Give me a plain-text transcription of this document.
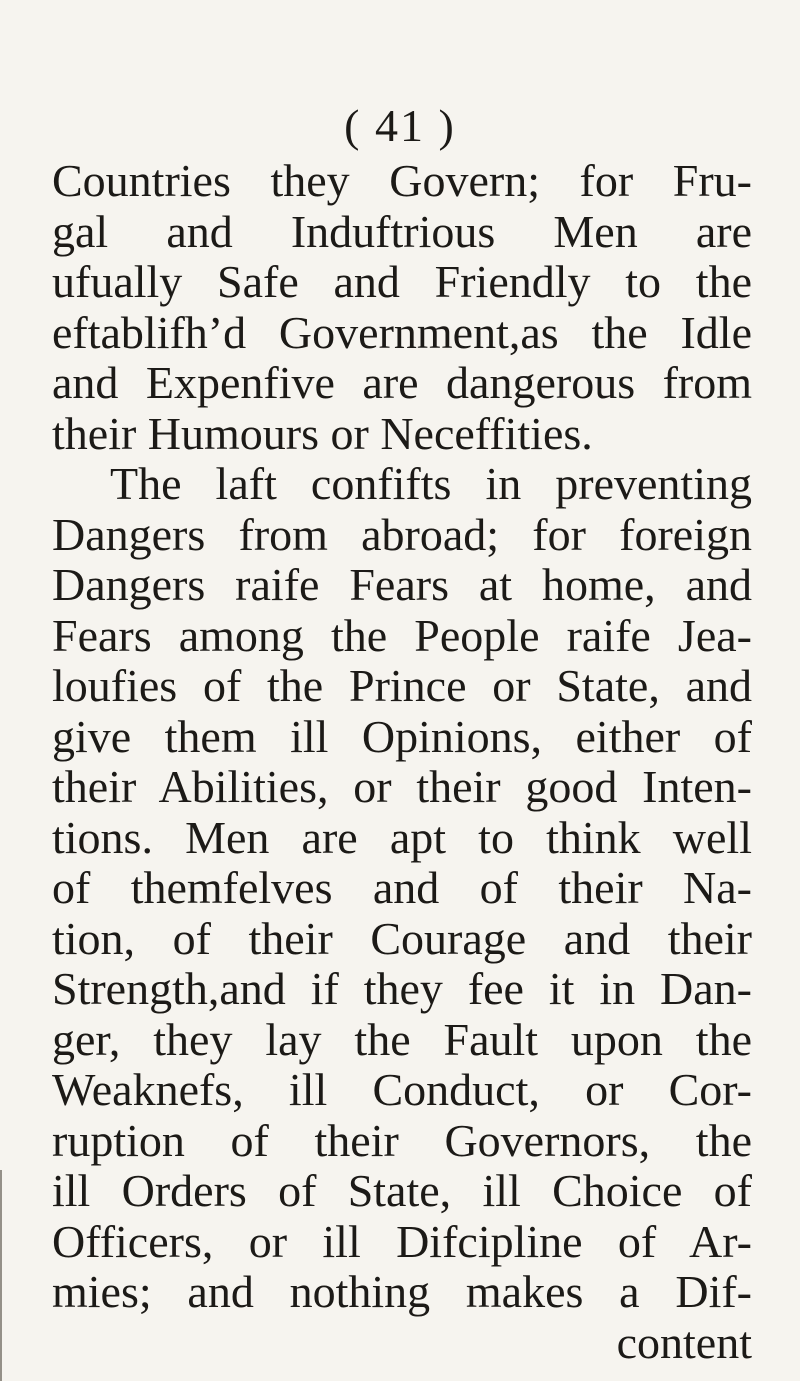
( 41 )
Countries they Govern; for Fru-
gal and Induftrious Men are
ufually Safe and Friendly to the
eftablifh’d Government,as the Idle
and Expenfive are dangerous from
their Humours or Neceffities.
The laft confifts in preventing
Dangers from abroad; for foreign
Dangers raife Fears at home, and
Fears among the People raife Jea-
loufies of the Prince or State, and
give them ill Opinions, either of
their Abilities, or their good Inten-
tions. Men are apt to think well
of themfelves and of their Na-
tion, of their Courage and their
Strength,and if they fee it in Dan-
ger, they lay the Fault upon the
Weaknefs, ill Conduct, or Cor-
ruption of their Governors, the
ill Orders of State, ill Choice of
Officers, or ill Difcipline of Ar-
mies; and nothing makes a Dif-
content
